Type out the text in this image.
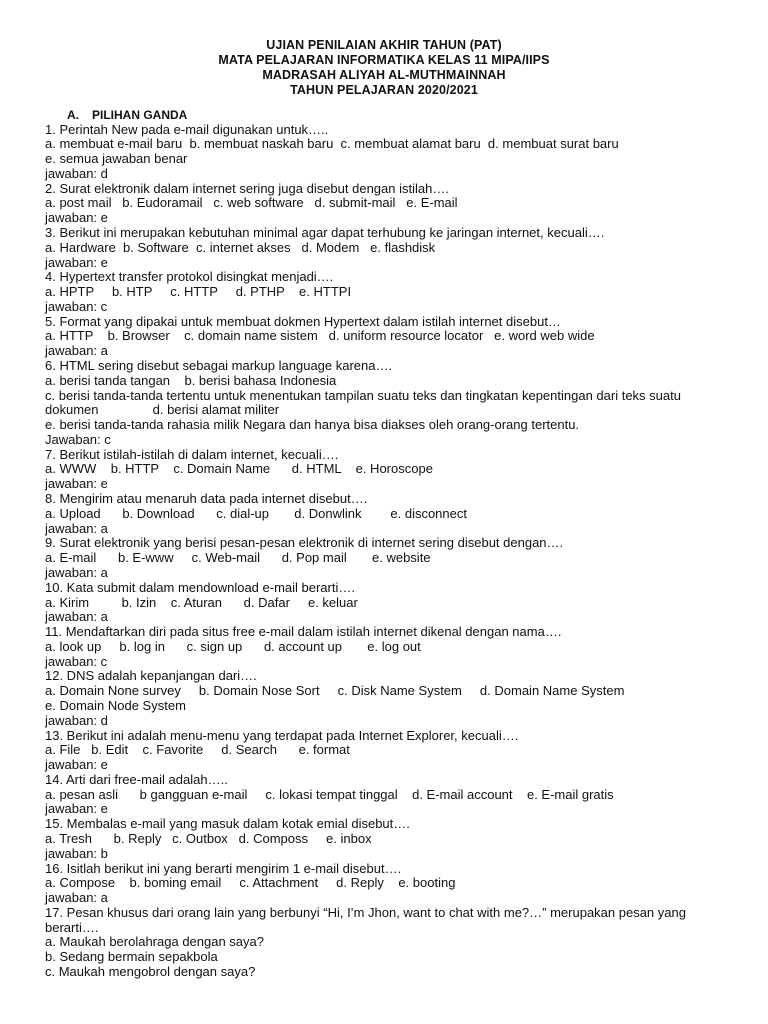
UJIAN PENILAIAN AKHIR TAHUN (PAT)
MATA PELAJARAN INFORMATIKA KELAS 11 MIPA/IIPS
MADRASAH ALIYAH AL-MUTHMAINNAH
TAHUN PELAJARAN 2020/2021
A. PILIHAN GANDA
1. Perintah New pada e-mail digunakan untuk…..
a. membuat e-mail baru  b. membuat naskah baru  c. membuat alamat baru  d. membuat surat baru
e. semua jawaban benar
jawaban: d
2. Surat elektronik dalam internet sering juga disebut dengan istilah….
a. post mail   b. Eudoramail   c. web software   d. submit-mail   e. E-mail
jawaban: e
3. Berikut ini merupakan kebutuhan minimal agar dapat terhubung ke jaringan internet, kecuali….
a. Hardware  b. Software  c. internet akses   d. Modem   e. flashdisk
jawaban: e
4. Hypertext transfer protokol disingkat menjadi….
a. HPTP     b. HTP     c. HTTP     d. PTHP    e. HTTPI
jawaban: c
5. Format yang dipakai untuk membuat dokmen Hypertext dalam istilah internet disebut…
a. HTTP    b. Browser    c. domain name sistem   d. uniform resource locator   e. word web wide
jawaban: a
6. HTML sering disebut sebagai markup language karena….
a. berisi tanda tangan    b. berisi bahasa Indonesia
c. berisi tanda-tanda tertentu untuk menentukan tampilan suatu teks dan tingkatan kepentingan dari teks suatu
dokumen               d. berisi alamat militer
e. berisi tanda-tanda rahasia milik Negara dan hanya bisa diakses oleh orang-orang tertentu.
Jawaban: c
7. Berikut istilah-istilah di dalam internet, kecuali….
a. WWW    b. HTTP    c. Domain Name      d. HTML    e. Horoscope
jawaban: e
8. Mengirim atau menaruh data pada internet disebut….
a. Upload      b. Download      c. dial-up       d. Donwlink        e. disconnect
jawaban: a
9. Surat elektronik yang berisi pesan-pesan elektronik di internet sering disebut dengan….
a. E-mail      b. E-www     c. Web-mail      d. Pop mail       e. website
jawaban: a
10. Kata submit dalam mendownload e-mail berarti….
a. Kirim         b. Izin    c. Aturan      d. Dafar     e. keluar
jawaban: a
11. Mendaftarkan diri pada situs free e-mail dalam istilah internet dikenal dengan nama….
a. look up     b. log in      c. sign up      d. account up       e. log out
jawaban: c
12. DNS adalah kepanjangan dari….
a. Domain None survey     b. Domain Nose Sort     c. Disk Name System     d. Domain Name System
e. Domain Node System
jawaban: d
13. Berikut ini adalah menu-menu yang terdapat pada Internet Explorer, kecuali….
a. File   b. Edit    c. Favorite     d. Search      e. format
jawaban: e
14. Arti dari free-mail adalah…..
a. pesan asli      b gangguan e-mail     c. lokasi tempat tinggal    d. E-mail account    e. E-mail gratis
jawaban: e
15. Membalas e-mail yang masuk dalam kotak emial disebut….
a. Tresh      b. Reply   c. Outbox   d. Composs     e. inbox
jawaban: b
16. Isitlah berikut ini yang berarti mengirim 1 e-mail disebut….
a. Compose    b. boming email     c. Attachment     d. Reply    e. booting
jawaban: a
17. Pesan khusus dari orang lain yang berbunyi “Hi, I’m Jhon, want to chat with me?…” merupakan pesan yang
berarti….
a. Maukah berolahraga dengan saya?
b. Sedang bermain sepakbola
c. Maukah mengobrol dengan saya?
